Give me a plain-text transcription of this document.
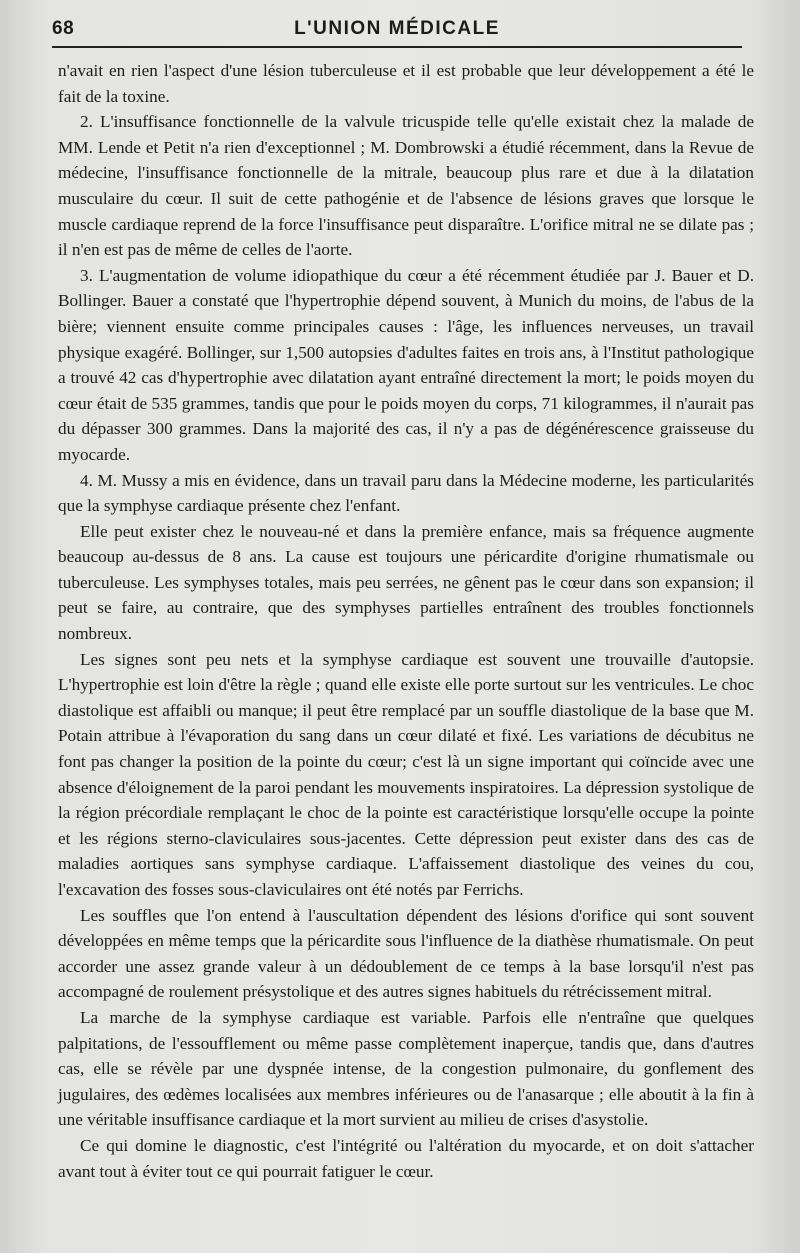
68	L'UNION MÉDICALE

n'avait en rien l'aspect d'une lésion tuberculeuse et il est probable que leur développement a été le fait de la toxine.

2. L'insuffisance fonctionnelle de la valvule tricuspide telle qu'elle existait chez la malade de MM. Lende et Petit n'a rien d'exceptionnel ; M. Dombrowski a étudié récemment, dans la Revue de médecine, l'insuffisance fonctionnelle de la mitrale, beaucoup plus rare et due à la dilatation musculaire du cœur. Il suit de cette pathogénie et de l'absence de lésions graves que lorsque le muscle cardiaque reprend de la force l'insuffisance peut disparaître. L'orifice mitral ne se dilate pas ; il n'en est pas de même de celles de l'aorte.

3. L'augmentation de volume idiopathique du cœur a été récemment étudiée par J. Bauer et D. Bollinger. Bauer a constaté que l'hypertrophie dépend souvent, à Munich du moins, de l'abus de la bière; viennent ensuite comme principales causes : l'âge, les influences nerveuses, un travail physique exagéré. Bollinger, sur 1,500 autopsies d'adultes faites en trois ans, à l'Institut pathologique a trouvé 42 cas d'hypertrophie avec dilatation ayant entraîné directement la mort; le poids moyen du cœur était de 535 grammes, tandis que pour le poids moyen du corps, 71 kilogrammes, il n'aurait pas du dépasser 300 grammes. Dans la majorité des cas, il n'y a pas de dégénérescence graisseuse du myocarde.

4. M. Mussy a mis en évidence, dans un travail paru dans la Médecine moderne, les particularités que la symphyse cardiaque présente chez l'enfant.

Elle peut exister chez le nouveau-né et dans la première enfance, mais sa fréquence augmente beaucoup au-dessus de 8 ans. La cause est toujours une péricardite d'origine rhumatismale ou tuberculeuse. Les symphyses totales, mais peu serrées, ne gênent pas le cœur dans son expansion; il peut se faire, au contraire, que des symphyses partielles entraînent des troubles fonctionnels nombreux.

Les signes sont peu nets et la symphyse cardiaque est souvent une trouvaille d'autopsie. L'hypertrophie est loin d'être la règle ; quand elle existe elle porte surtout sur les ventricules. Le choc diastolique est affaibli ou manque; il peut être remplacé par un souffle diastolique de la base que M. Potain attribue à l'évaporation du sang dans un cœur dilaté et fixé. Les variations de décubitus ne font pas changer la position de la pointe du cœur; c'est là un signe important qui coïncide avec une absence d'éloignement de la paroi pendant les mouvements inspiratoires. La dépression systolique de la région précordiale remplaçant le choc de la pointe est caractéristique lorsqu'elle occupe la pointe et les régions sterno-claviculaires sous-jacentes. Cette dépression peut exister dans des cas de maladies aortiques sans symphyse cardiaque. L'affaissement diastolique des veines du cou, l'excavation des fosses sous-claviculaires ont été notés par Ferrichs.

Les souffles que l'on entend à l'auscultation dépendent des lésions d'orifice qui sont souvent développées en même temps que la péricardite sous l'influence de la diathèse rhumatismale. On peut accorder une assez grande valeur à un dédoublement de ce temps à la base lorsqu'il n'est pas accompagné de roulement présystolique et des autres signes habituels du rétrécissement mitral.

La marche de la symphyse cardiaque est variable. Parfois elle n'entraîne que quelques palpitations, de l'essoufflement ou même passe complètement inaperçue, tandis que, dans d'autres cas, elle se révèle par une dyspnée intense, de la congestion pulmonaire, du gonflement des jugulaires, des œdèmes localisées aux membres inférieures ou de l'anasarque ; elle aboutit à la fin à une véritable insuffisance cardiaque et la mort survient au milieu de crises d'asystolie.

Ce qui domine le diagnostic, c'est l'intégrité ou l'altération du myocarde, et on doit s'attacher avant tout à éviter tout ce qui pourrait fatiguer le cœur.
